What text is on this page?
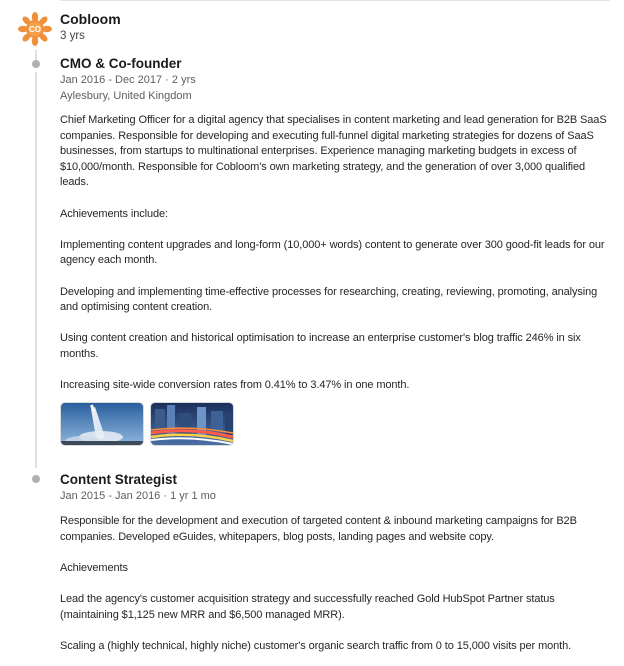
CO
Cobloom
3 yrs
CMO & Co-founder
Jan 2016 - Dec 2017 · 2 yrs
Aylesbury, United Kingdom

Chief Marketing Officer for a digital agency that specialises in content marketing and lead generation for B2B SaaS companies. Responsible for developing and executing full-funnel digital marketing strategies for dozens of SaaS businesses, from startups to multinational enterprises. Experience managing marketing budgets in excess of $10,000/month. Responsible for Cobloom's own marketing strategy, and the generation of over 3,000 qualified leads.

Achievements include:

Implementing content upgrades and long-form (10,000+ words) content to generate over 300 good-fit leads for our agency each month.

Developing and implementing time-effective processes for researching, creating, reviewing, promoting, analysing and optimising content creation.

Using content creation and historical optimisation to increase an enterprise customer's blog traffic 246% in six months.

Increasing site-wide conversion rates from 0.41% to 3.47% in one month.

Content Strategist
Jan 2015 - Jan 2016 · 1 yr 1 mo

Responsible for the development and execution of targeted content & inbound marketing campaigns for B2B companies. Developed eGuides, whitepapers, blog posts, landing pages and website copy.

Achievements

Lead the agency's customer acquisition strategy and successfully reached Gold HubSpot Partner status (maintaining $1,125 new MRR and $6,500 managed MRR).

Scaling a (highly technical, highly niche) customer's organic search traffic from 0 to 15,000 visits per month.
